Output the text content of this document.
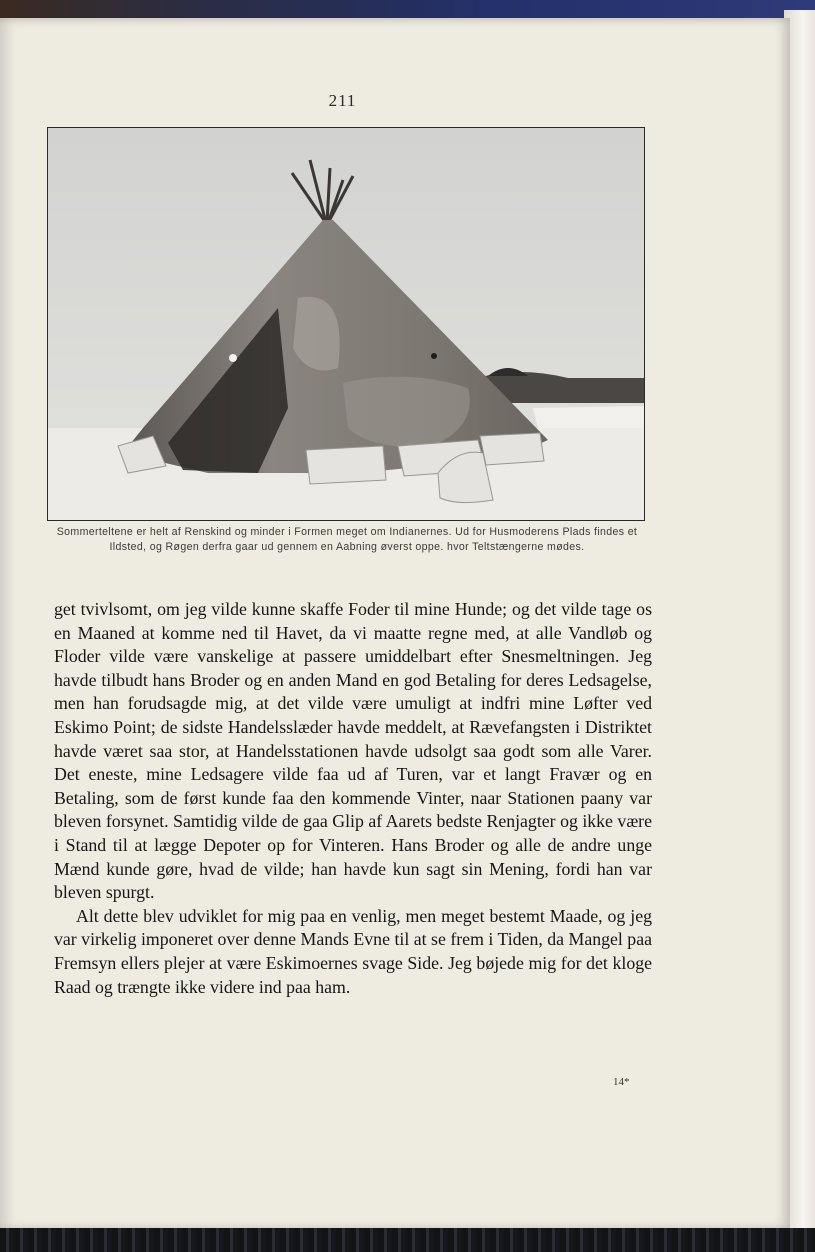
211
Sommerteltene er helt af Renskind og minder i Formen meget om Indianernes. Ud for Husmoderens Plads findes et Ildsted, og Røgen derfra gaar ud gennem en Aabning øverst oppe. hvor Teltstængerne mødes.

get tvivlsomt, om jeg vilde kunne skaffe Foder til mine Hunde; og det vilde tage os en Maaned at komme ned til Havet, da vi maatte regne med, at alle Vandløb og Floder vilde være vanskelige at passere umiddelbart efter Snesmeltningen. Jeg havde tilbudt hans Broder og en anden Mand en god Betaling for deres Ledsagelse, men han forudsagde mig, at det vilde være umuligt at indfri mine Løfter ved Eskimo Point; de sidste Handelsslæder havde meddelt, at Rævefangsten i Distriktet havde været saa stor, at Handelsstationen havde udsolgt saa godt som alle Varer. Det eneste, mine Ledsagere vilde faa ud af Turen, var et langt Fravær og en Betaling, som de først kunde faa den kommende Vinter, naar Stationen paany var bleven forsynet. Samtidig vilde de gaa Glip af Aarets bedste Renjagter og ikke være i Stand til at lægge Depoter op for Vinteren. Hans Broder og alle de andre unge Mænd kunde gøre, hvad de vilde; han havde kun sagt sin Mening, fordi han var bleven spurgt.

Alt dette blev udviklet for mig paa en venlig, men meget bestemt Maade, og jeg var virkelig imponeret over denne Mands Evne til at se frem i Tiden, da Mangel paa Fremsyn ellers plejer at være Eskimoernes svage Side. Jeg bøjede mig for det kloge Raad og trængte ikke videre ind paa ham.

14*
